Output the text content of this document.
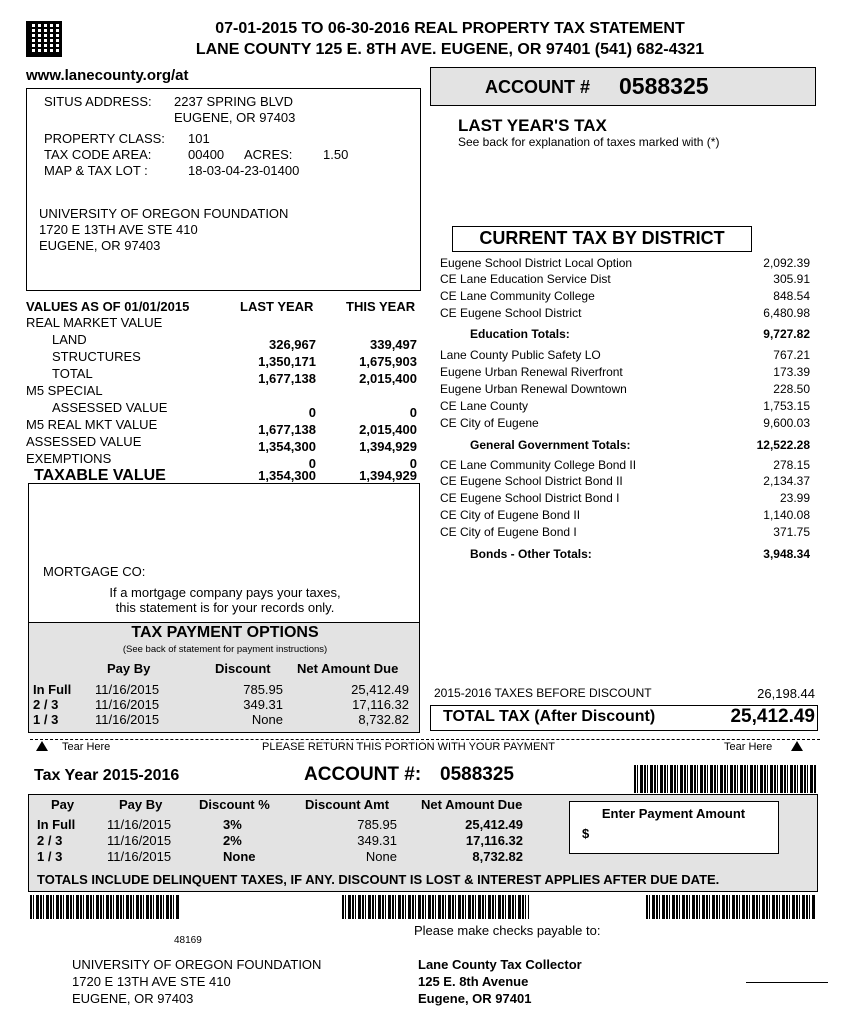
07-01-2015 TO 06-30-2016 REAL PROPERTY TAX STATEMENT
LANE COUNTY 125 E. 8TH AVE. EUGENE, OR 97401 (541) 682-4321
www.lanecounty.org/at
ACCOUNT # 0588325
SITUS ADDRESS: 2237 SPRING BLVD
EUGENE, OR 97403
PROPERTY CLASS: 101
TAX CODE AREA:	00400 ACRES: 1.50
MAP & TAX LOT :	18-03-04-23-01400
UNIVERSITY OF OREGON FOUNDATION
1720 E 13TH AVE STE 410
EUGENE, OR 97403
LAST YEAR'S TAX
See back for explanation of taxes marked with (*)
VALUES AS OF 01/01/2015	LAST YEAR	THIS YEAR
REAL MARKET VALUE
LAND	326,967	339,497
STRUCTURES	1,350,171	1,675,903
TOTAL	1,677,138	2,015,400
M5 SPECIAL
ASSESSED VALUE	0	0
M5 REAL MKT VALUE	1,677,138	2,015,400
ASSESSED VALUE	1,354,300	1,394,929
EXEMPTIONS	0	0
TAXABLE VALUE	1,354,300	1,394,929
MORTGAGE CO:
If a mortgage company pays your taxes,
this statement is for your records only.
TAX PAYMENT OPTIONS
(See back of statement for payment instructions)
Pay By	Discount Net Amount Due
In Full 11/16/2015	785.95	25,412.49
2 / 3	11/16/2015	349.31	17,116.32
1 / 3	11/16/2015	None	8,732.82
CURRENT TAX BY DISTRICT
Eugene School District Local Option	2,092.39
CE Lane Education Service Dist	305.91
CE Lane Community College	848.54
CE Eugene School District	6,480.98
Education Totals:	9,727.82
Lane County Public Safety LO	767.21
Eugene Urban Renewal Riverfront	173.39
Eugene Urban Renewal Downtown	228.50
CE Lane County	1,753.15
CE City of Eugene	9,600.03
General Government Totals:	12,522.28
CE Lane Community College Bond II	278.15
CE Eugene School District Bond II	2,134.37
CE Eugene School District Bond I	23.99
CE City of Eugene Bond II	1,140.08
CE City of Eugene Bond I	371.75
Bonds - Other Totals:	3,948.34
2015-2016 TAXES BEFORE DISCOUNT	26,198.44
TOTAL TAX (After Discount)	25,412.49
Tear Here	PLEASE RETURN THIS PORTION WITH YOUR PAYMENT	Tear Here
Tax Year 2015-2016	ACCOUNT #: 0588325
Pay	Pay By	Discount %	Discount Amt Net Amount Due
In Full 11/16/2015	3%	785.95	25,412.49
2 / 3	11/16/2015	2%	349.31	17,116.32
1 / 3	11/16/2015	None	None	8,732.82
Enter Payment Amount
$
TOTALS INCLUDE DELINQUENT TAXES, IF ANY. DISCOUNT IS LOST & INTEREST APPLIES AFTER DUE DATE.
48169
Please make checks payable to:
UNIVERSITY OF OREGON FOUNDATION
1720 E 13TH AVE STE 410
EUGENE, OR 97403
Lane County Tax Collector
125 E. 8th Avenue
Eugene, OR 97401
